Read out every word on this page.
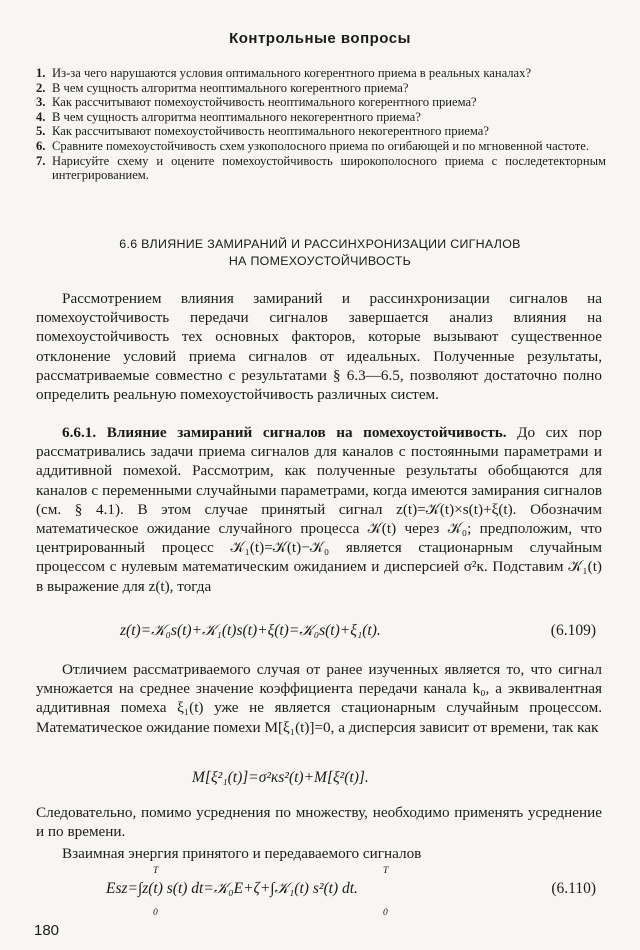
Контрольные вопросы
1. Из-за чего нарушаются условия оптимального когерентного приема в реальных каналах?
2. В чем сущность алгоритма неоптимального когерентного приема?
3. Как рассчитывают помехоустойчивость неоптимального когерентного приема?
4. В чем сущность алгоритма неоптимального некогерентного приема?
5. Как рассчитывают помехоустойчивость неоптимального некогерентного приема?
6. Сравните помехоустойчивость схем узкополосного приема по огибающей и по мгновенной частоте.
7. Нарисуйте схему и оцените помехоустойчивость широкополосного приема с последетекторным интегрированием.
6.6 ВЛИЯНИЕ ЗАМИРАНИЙ И РАССИНХРОНИЗАЦИИ СИГНАЛОВ
НА ПОМЕХОУСТОЙЧИВОСТЬ
Рассмотрением влияния замираний и рассинхронизации сигналов на помехоустойчивость передачи сигналов завершается анализ влияния на помехоустойчивость тех основных факторов, которые вызывают существенное отклонение условий приема сигналов от идеальных. Полученные результаты, рассматриваемые совместно с результатами § 6.3—6.5, позволяют достаточно полно определить реальную помехоустойчивость различных систем.
6.6.1. Влияние замираний сигналов на помехоустойчивость. До сих пор рассматривались задачи приема сигналов для каналов с постоянными параметрами и аддитивной помехой. Рассмотрим, как полученные результаты обобщаются для каналов с переменными случайными параметрами, когда имеются замирания сигналов (см. § 4.1). В этом случае принятый сигнал z(t)=𝒦(t)×s(t)+ξ(t). Обозначим математическое ожидание случайного процесса 𝒦(t) через 𝒦₀; предположим, что центрированный процесс 𝒦₁(t)=𝒦(t)−𝒦₀ является стационарным случайным процессом с нулевым математическим ожиданием и дисперсией σ²к. Подставим 𝒦₁(t) в выражение для z(t), тогда
z(t)=𝒦₀s(t)+𝒦₁(t)s(t)+ξ(t)=𝒦₀s(t)+ξ₁(t).	(6.109)
Отличием рассматриваемого случая от ранее изученных является то, что сигнал умножается на среднее значение коэффициента передачи канала k₀, а эквивалентная аддитивная помеха ξ₁(t) уже не является стационарным случайным процессом. Математическое ожидание помехи M[ξ₁(t)]=0, а дисперсия зависит от времени, так как
M[ξ²₁(t)]=σ²кs²(t)+M[ξ²(t)].
Следовательно, помимо усреднения по множеству, необходимо применять усреднение и по времени.
Взаимная энергия принятого и передаваемого сигналов
T
0
T
0
Esz=∫z(t) s(t) dt=𝒦₀E+ζ+∫𝒦₁(t) s²(t) dt.	(6.110)
180
